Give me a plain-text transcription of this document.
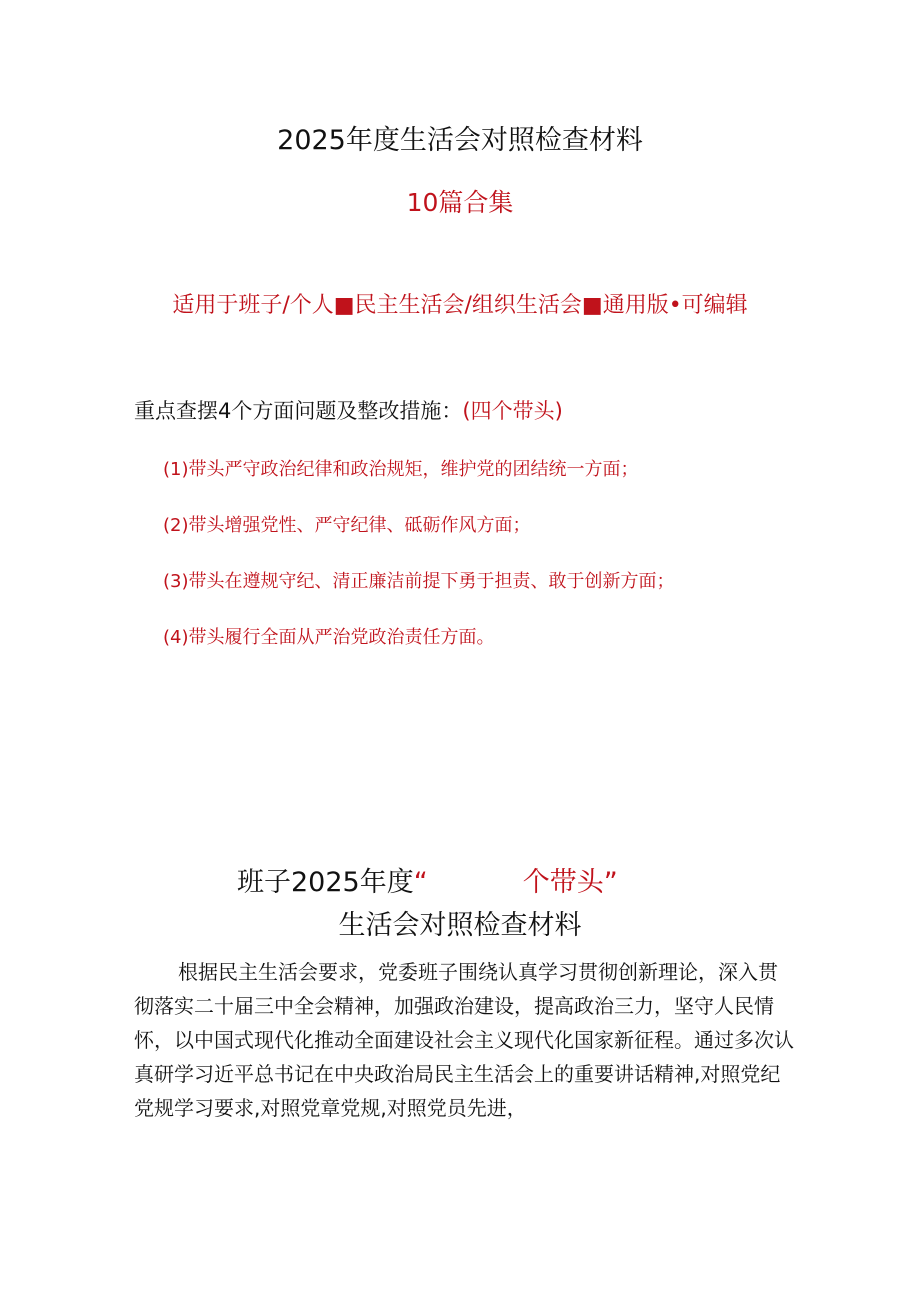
2025年度生活会对照检查材料
10篇合集
适用于班子/个人■民主生活会/组织生活会■通用版•可编辑
重点查摆4个方面问题及整改措施：(四个带头)
(1)带头严守政治纪律和政治规矩，维护党的团结统一方面；
(2)带头增强党性、严守纪律、砥砺作风方面；
(3)带头在遵规守纪、清正廉洁前提下勇于担责、敢于创新方面；
(4)带头履行全面从严治党政治责任方面。
班子2025年度“	个带头”
生活会对照检查材料

根据民主生活会要求，党委班子围绕认真学习贯彻创新理论，深入贯彻落实二十届三中全会精神，加强政治建设，提高政治三力，坚守人民情怀，以中国式现代化推动全面建设社会主义现代化国家新征程。通过多次认真研学习近平总书记在中央政治局民主生活会上的重要讲话精神,对照党纪党规学习要求,对照党章党规,对照党员先进，
